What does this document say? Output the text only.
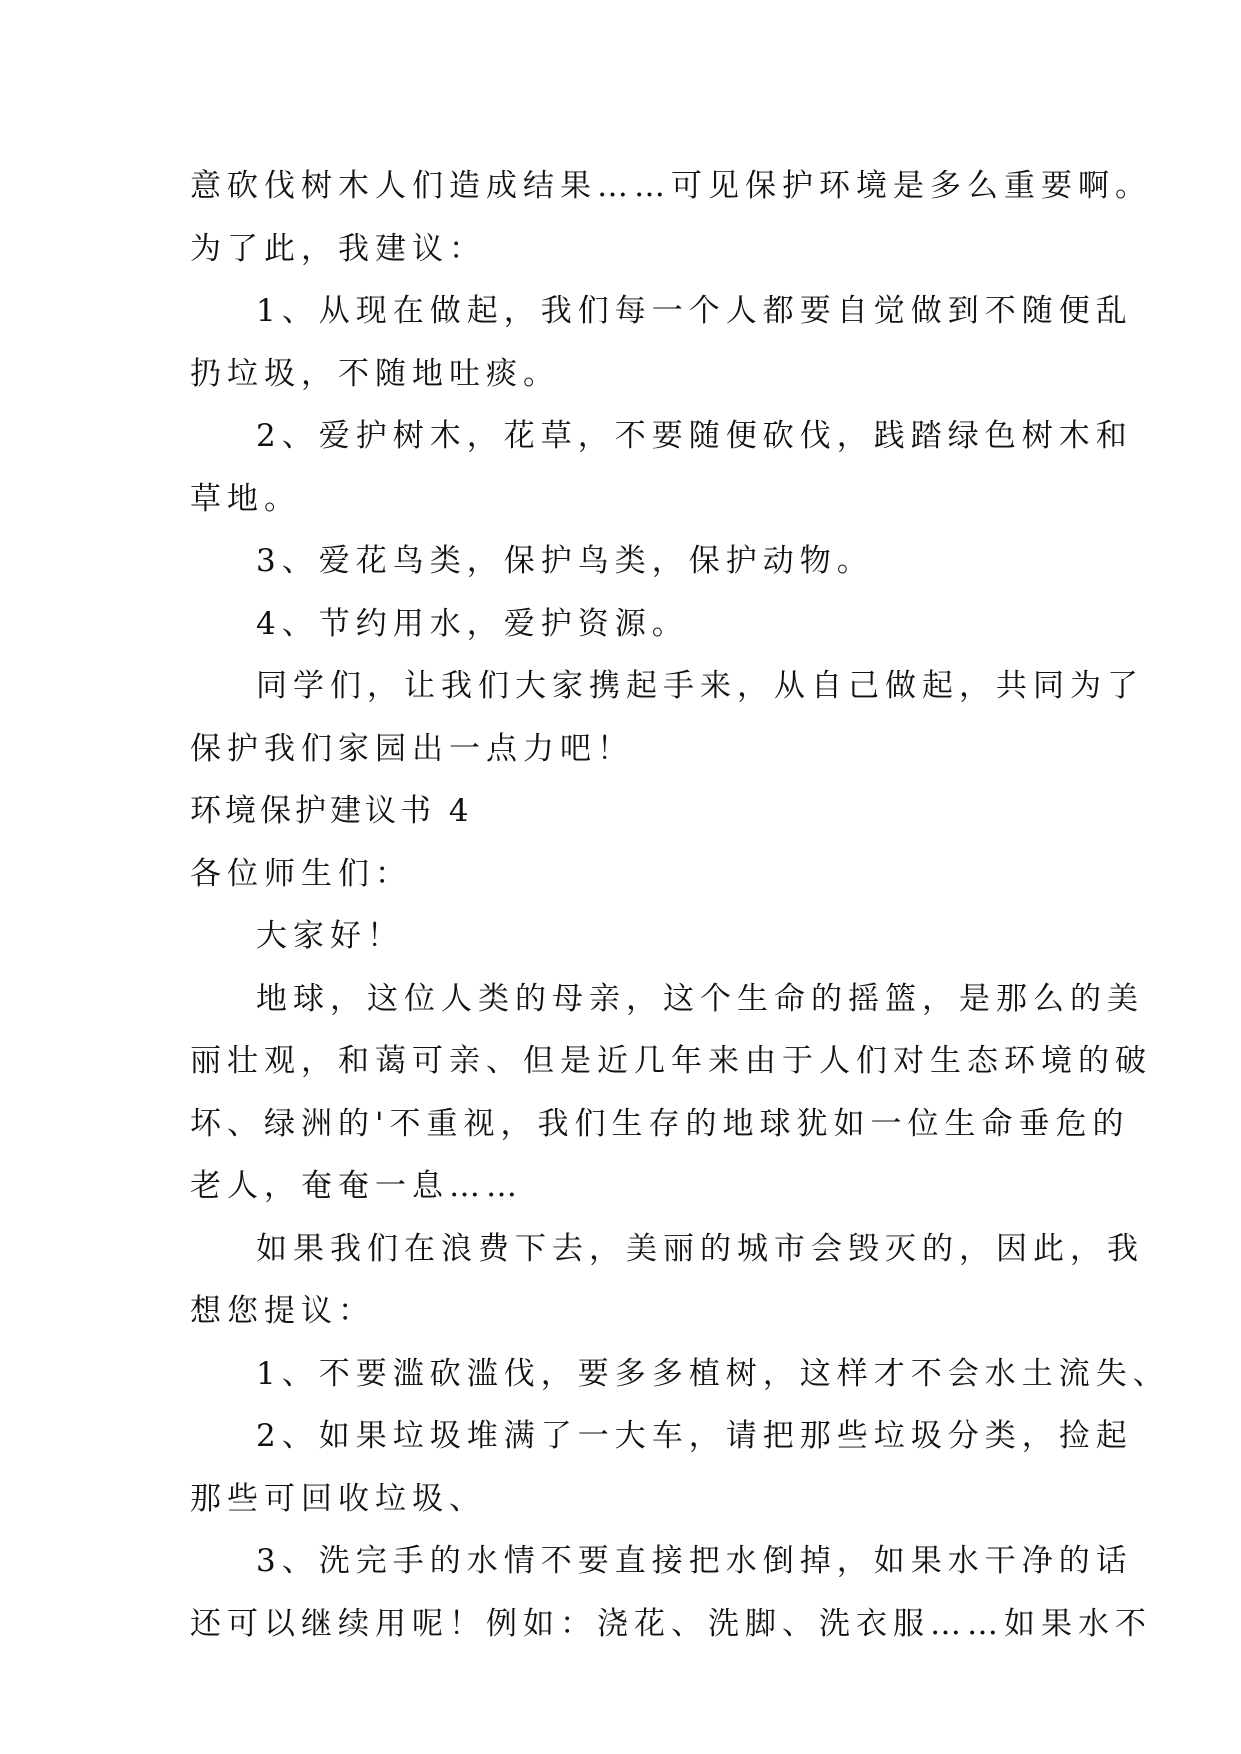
意砍伐树木人们造成结果……可见保护环境是多么重要啊。
为了此，我建议：
1、从现在做起，我们每一个人都要自觉做到不随便乱
扔垃圾，不随地吐痰。
2、爱护树木，花草，不要随便砍伐，践踏绿色树木和
草地。
3、爱花鸟类，保护鸟类，保护动物。
4、节约用水，爱护资源。
同学们，让我们大家携起手来，从自己做起，共同为了
保护我们家园出一点力吧！
环境保护建议书 4
各位师生们：
大家好！
地球，这位人类的母亲，这个生命的摇篮，是那么的美
丽壮观，和蔼可亲、但是近几年来由于人们对生态环境的破
坏、绿洲的'不重视，我们生存的地球犹如一位生命垂危的
老人，奄奄一息……
如果我们在浪费下去，美丽的城市会毁灭的，因此，我
想您提议：
1、不要滥砍滥伐，要多多植树，这样才不会水土流失、
2、如果垃圾堆满了一大车，请把那些垃圾分类，捡起
那些可回收垃圾、
3、洗完手的水情不要直接把水倒掉，如果水干净的话
还可以继续用呢！例如：浇花、洗脚、洗衣服……如果水不
